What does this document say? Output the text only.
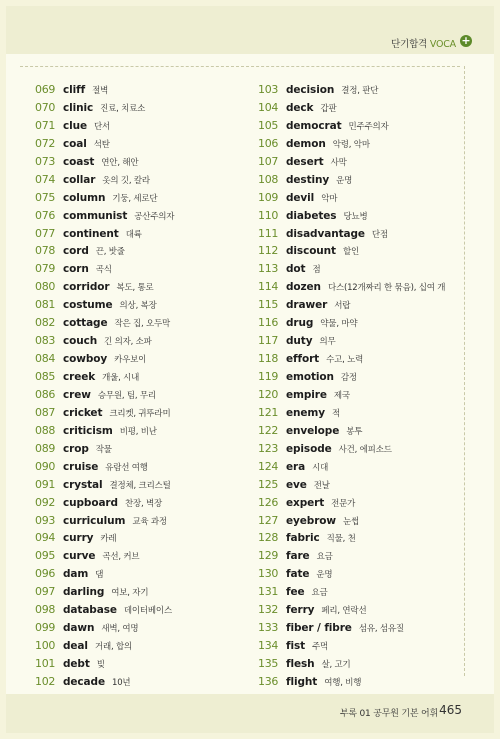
단기합격 VOCA +
069 cliff 절벽
070 clinic 진료, 치료소
071 clue 단서
072 coal 석탄
073 coast 연안, 해안
074 collar 옷의 깃, 칼라
075 column 기둥, 세로단
076 communist 공산주의자
077 continent 대륙
078 cord 끈, 밧줄
079 corn 곡식
080 corridor 복도, 통로
081 costume 의상, 복장
082 cottage 작은 집, 오두막
083 couch 긴 의자, 소파
084 cowboy 카우보이
085 creek 개울, 시내
086 crew 승무원, 팀, 무리
087 cricket 크리켓, 귀뚜라미
088 criticism 비평, 비난
089 crop 작물
090 cruise 유람선 여행
091 crystal 결정체, 크리스털
092 cupboard 찬장, 벽장
093 curriculum 교육 과정
094 curry 카레
095 curve 곡선, 커브
096 dam 댐
097 darling 여보, 자기
098 database 데이터베이스
099 dawn 새벽, 여명
100 deal 거래, 합의
101 debt 빚
102 decade 10년
103 decision 결정, 판단
104 deck 갑판
105 democrat 민주주의자
106 demon 악령, 악마
107 desert 사막
108 destiny 운명
109 devil 악마
110 diabetes 당뇨병
111 disadvantage 단점
112 discount 할인
113 dot 점
114 dozen 다스(12개짜리 한 묶음), 십여 개
115 drawer 서랍
116 drug 약물, 마약
117 duty 의무
118 effort 수고, 노력
119 emotion 감정
120 empire 제국
121 enemy 적
122 envelope 봉투
123 episode 사건, 에피소드
124 era 시대
125 eve 전날
126 expert 전문가
127 eyebrow 눈썹
128 fabric 직물, 천
129 fare 요금
130 fate 운명
131 fee 요금
132 ferry 페리, 연락선
133 fiber / fibre 섬유, 섬유질
134 fist 주먹
135 flesh 살, 고기
136 flight 여행, 비행
부록 01 공무원 기본 어휘 465
